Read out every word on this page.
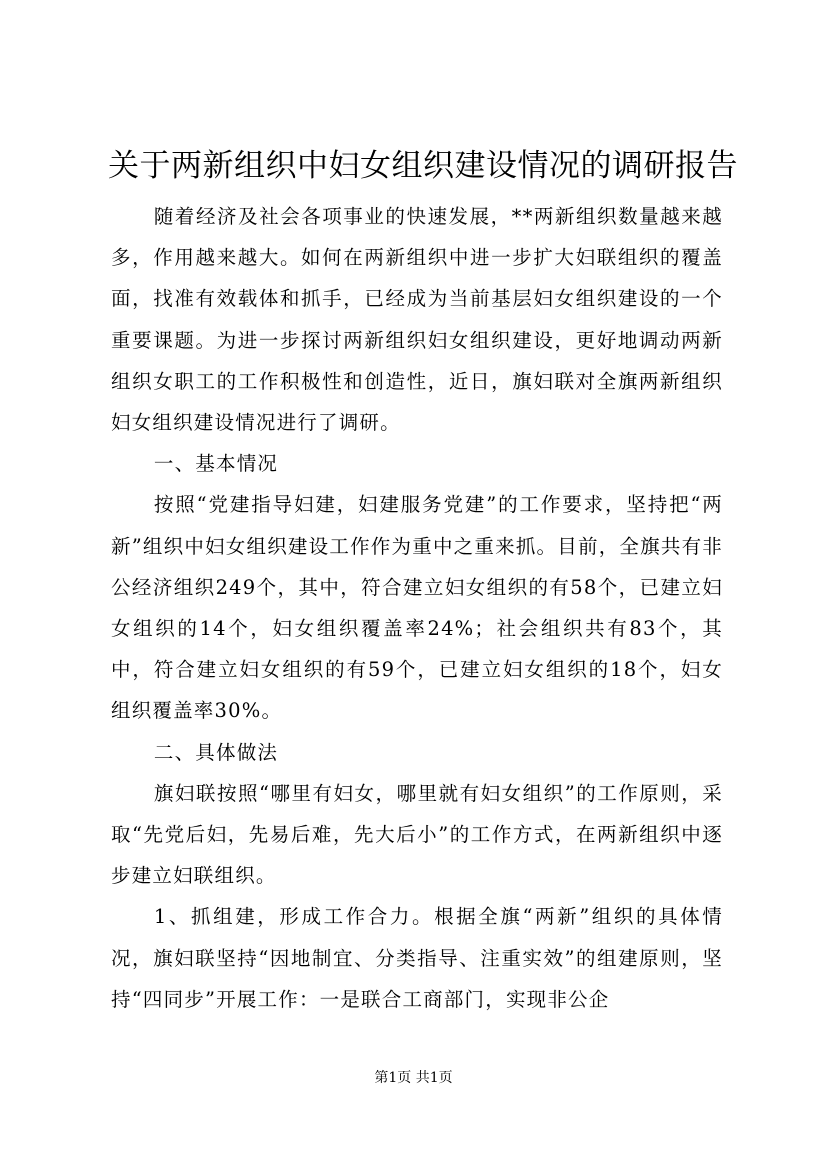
关于两新组织中妇女组织建设情况的调研报告

随着经济及社会各项事业的快速发展，**两新组织数量越来越多，作用越来越大。如何在两新组织中进一步扩大妇联组织的覆盖面，找准有效载体和抓手，已经成为当前基层妇女组织建设的一个重要课题。为进一步探讨两新组织妇女组织建设，更好地调动两新组织女职工的工作积极性和创造性，近日，旗妇联对全旗两新组织妇女组织建设情况进行了调研。

一、基本情况

按照“党建指导妇建，妇建服务党建”的工作要求，坚持把“两新”组织中妇女组织建设工作作为重中之重来抓。目前，全旗共有非公经济组织249个，其中，符合建立妇女组织的有58个，已建立妇女组织的14个，妇女组织覆盖率24%；社会组织共有83个，其中，符合建立妇女组织的有59个，已建立妇女组织的18个，妇女组织覆盖率30%。

二、具体做法

旗妇联按照“哪里有妇女，哪里就有妇女组织”的工作原则，采取“先党后妇，先易后难，先大后小”的工作方式，在两新组织中逐步建立妇联组织。

1、抓组建，形成工作合力。根据全旗“两新”组织的具体情况，旗妇联坚持“因地制宜、分类指导、注重实效”的组建原则，坚持“四同步”开展工作：一是联合工商部门，实现非公企

第1页 共1页
